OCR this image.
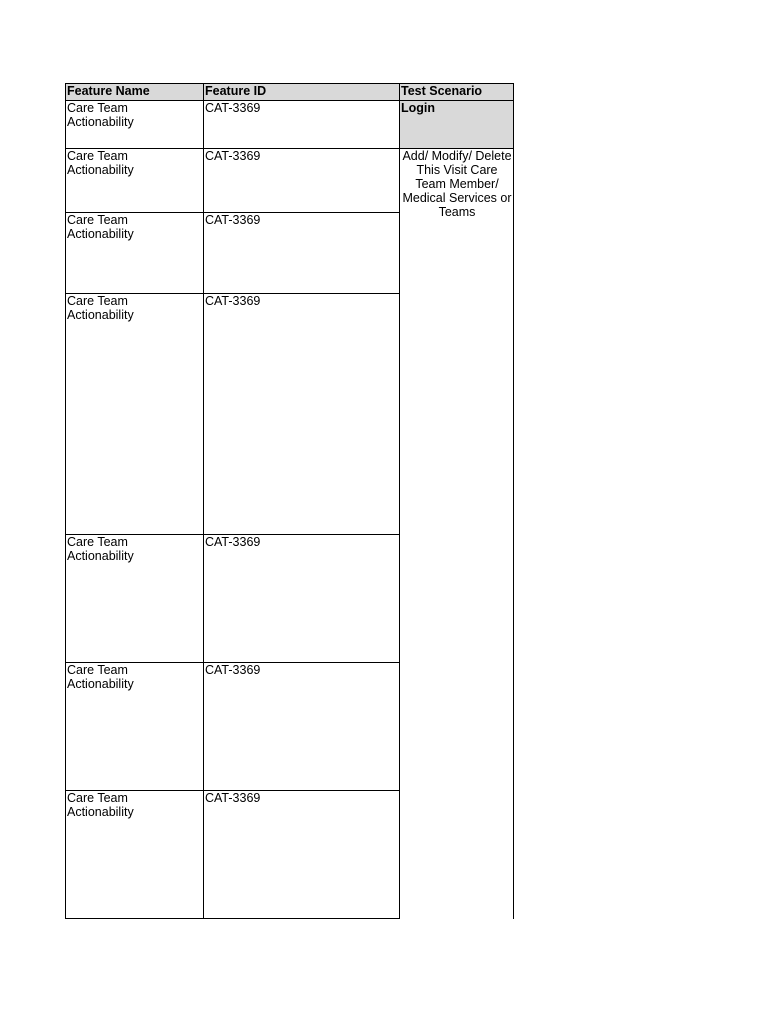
Feature Name	Feature ID	Test Scenario
Care Team
Actionability
CAT-3369	Login
Care Team
Actionability
CAT-3369	Add/ Modify/ Delete This Visit Care Team Member/ Medical Services or Teams
Care Team
Actionability
CAT-3369
Care Team
Actionability
CAT-3369
Care Team
Actionability
CAT-3369
Care Team
Actionability
CAT-3369
Care Team
Actionability
CAT-3369
